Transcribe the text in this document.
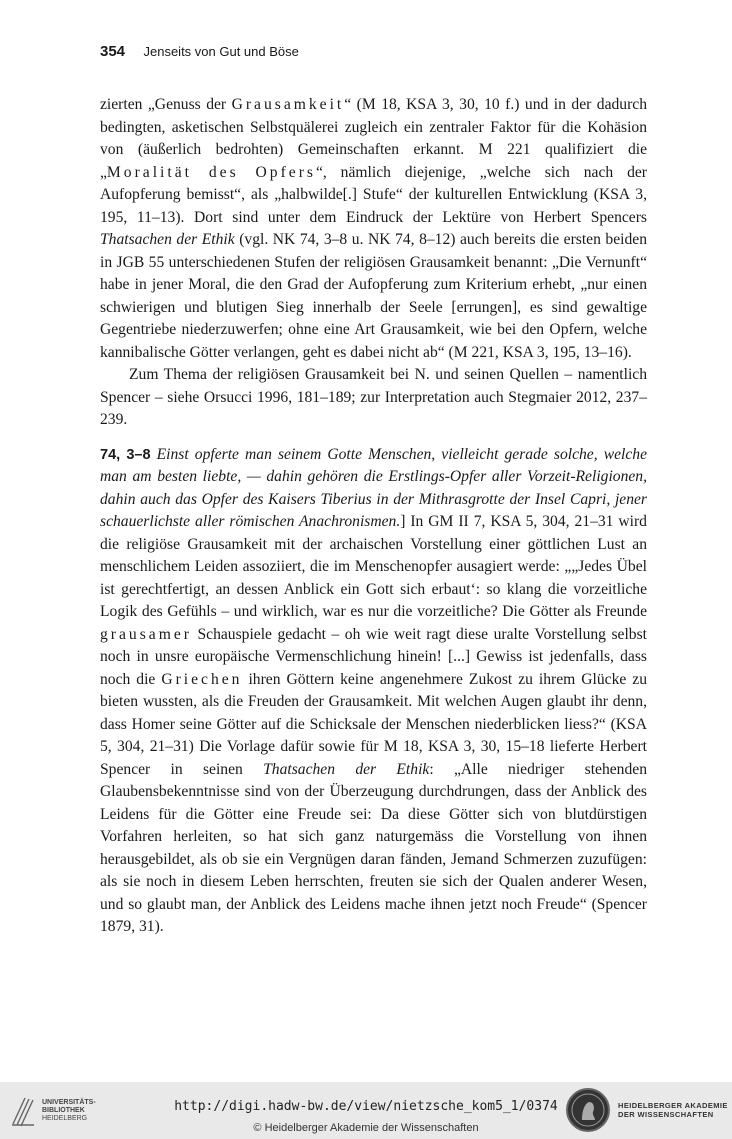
354 Jenseits von Gut und Böse

zierten „Genuss der Grausamkeit“ (M 18, KSA 3, 30, 10 f.) und in der dadurch bedingten, asketischen Selbstquälerei zugleich ein zentraler Faktor für die Kohäsion von (äußerlich bedrohten) Gemeinschaften erkannt. M 221 qualifiziert die „Moralität des Opfers“, nämlich diejenige, „welche sich nach der Aufopferung bemisst“, als „halbwilde[.] Stufe“ der kulturellen Entwicklung (KSA 3, 195, 11–13). Dort sind unter dem Eindruck der Lektüre von Herbert Spencers Thatsachen der Ethik (vgl. NK 74, 3–8 u. NK 74, 8–12) auch bereits die ersten beiden in JGB 55 unterschiedenen Stufen der religiösen Grausamkeit benannt: „Die Vernunft“ habe in jener Moral, die den Grad der Aufopferung zum Kriterium erhebt, „nur einen schwierigen und blutigen Sieg innerhalb der Seele [errungen], es sind gewaltige Gegentriebe niederzuwerfen; ohne eine Art Grausamkeit, wie bei den Opfern, welche kannibalische Götter verlangen, geht es dabei nicht ab“ (M 221, KSA 3, 195, 13–16).

Zum Thema der religiösen Grausamkeit bei N. und seinen Quellen – namentlich Spencer – siehe Orsucci 1996, 181–189; zur Interpretation auch Stegmaier 2012, 237–239.

74, 3–8 Einst opferte man seinem Gotte Menschen, vielleicht gerade solche, welche man am besten liebte, — dahin gehören die Erstlings-Opfer aller Vorzeit-Religionen, dahin auch das Opfer des Kaisers Tiberius in der Mithrasgrotte der Insel Capri, jener schauerlichste aller römischen Anachronismen.] In GM II 7, KSA 5, 304, 21–31 wird die religiöse Grausamkeit mit der archaischen Vorstellung einer göttlichen Lust an menschlichem Leiden assoziiert, die im Menschenopfer ausagiert werde: „„Jedes Übel ist gerechtfertigt, an dessen Anblick ein Gott sich erbaut‘: so klang die vorzeitliche Logik des Gefühls – und wirklich, war es nur die vorzeitliche? Die Götter als Freunde grausamer Schauspiele gedacht – oh wie weit ragt diese uralte Vorstellung selbst noch in unsre europäische Vermenschlichung hinein! [...] Gewiss ist jedenfalls, dass noch die Griechen ihren Göttern keine angenehmere Zukost zu ihrem Glücke zu bieten wussten, als die Freuden der Grausamkeit. Mit welchen Augen glaubt ihr denn, dass Homer seine Götter auf die Schicksale der Menschen niederblicken liess?“ (KSA 5, 304, 21–31) Die Vorlage dafür sowie für M 18, KSA 3, 30, 15–18 lieferte Herbert Spencer in seinen Thatsachen der Ethik: „Alle niedriger stehenden Glaubensbekenntnisse sind von der Überzeugung durchdrungen, dass der Anblick des Leidens für die Götter eine Freude sei: Da diese Götter sich von blutdürstigen Vorfahren herleiten, so hat sich ganz naturgemäss die Vorstellung von ihnen herausgebildet, als ob sie ein Vergnügen daran fänden, Jemand Schmerzen zuzufügen: als sie noch in diesem Leben herrschten, freuten sie sich der Qualen anderer Wesen, und so glaubt man, der Anblick des Leidens mache ihnen jetzt noch Freude“ (Spencer 1879, 31).

UNIVERSITÄTS-
BIBLIOTHEK
HEIDELBERG
http://digi.hadw-bw.de/view/nietzsche_kom5_1/0374
© Heidelberger Akademie der Wissenschaften
HEIDELBERGER AKADEMIE
DER WISSENSCHAFTEN
